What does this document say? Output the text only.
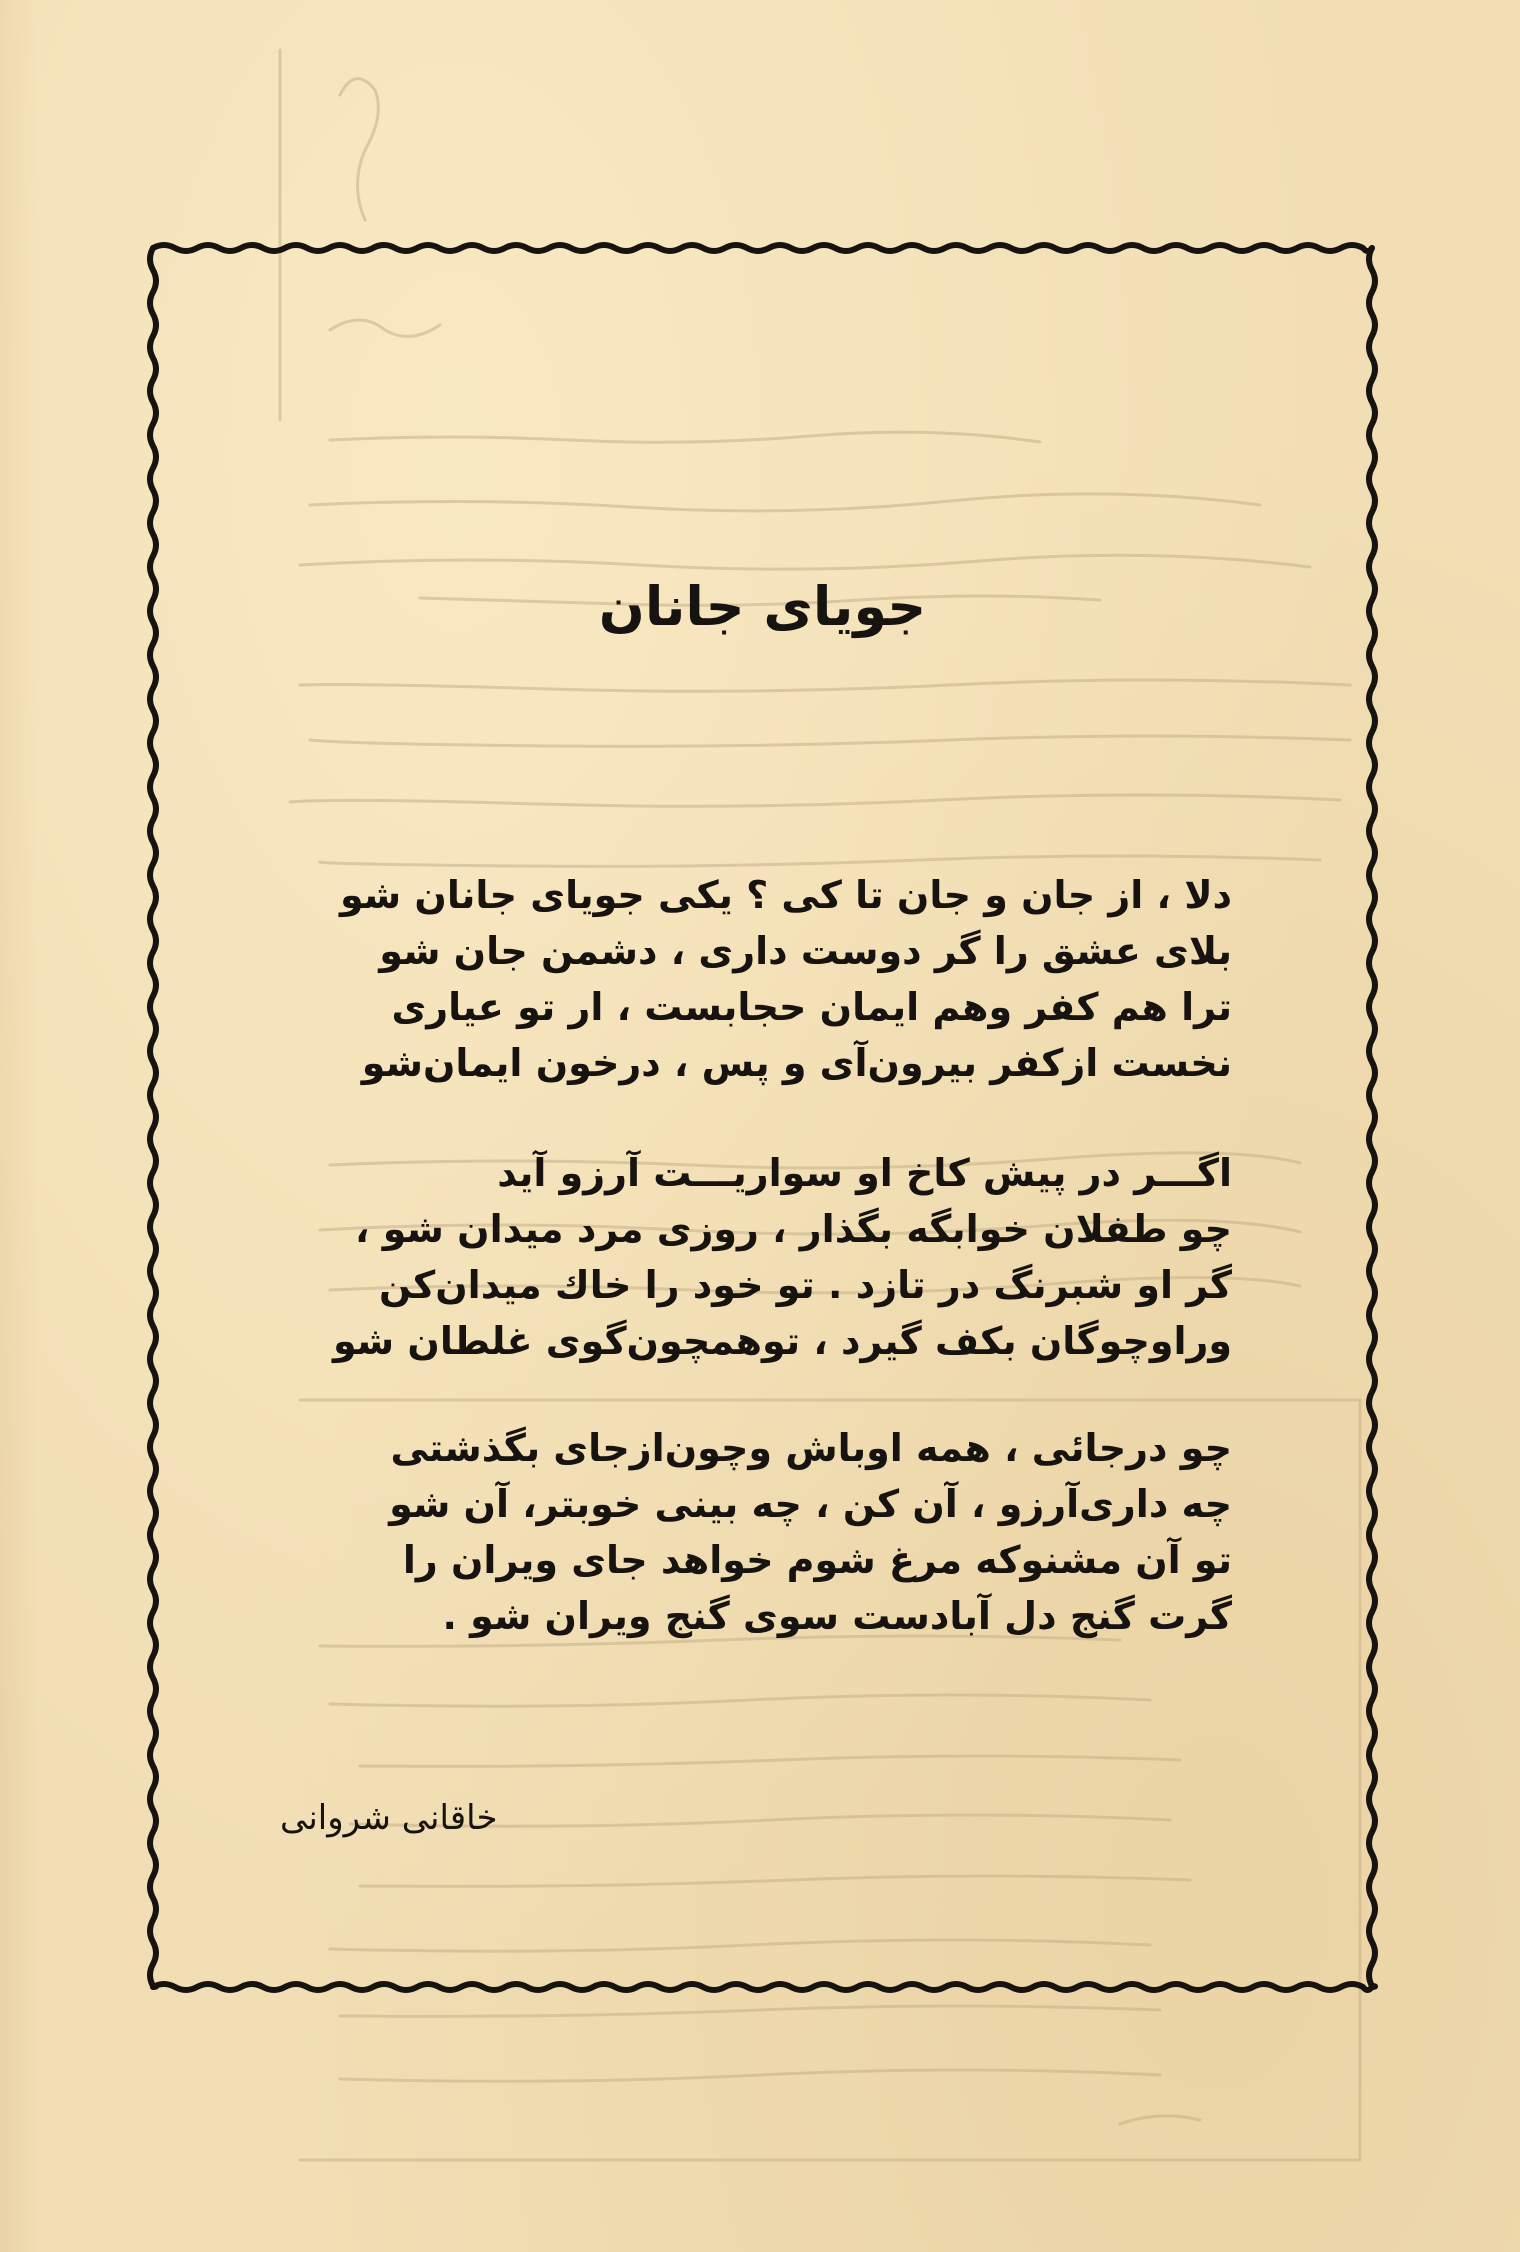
جویای جانان
دلا ، از جان و جان تا کی ؟ یکی جویای جانان شو
بلای عشق را گر دوست داری ، دشمن جان شو
ترا هم کفر وهم ایمان حجابست ، ار تو عیاری
نخست ازکفر بیرون‌آی و پس ، درخون ایمان‌شو
اگـــر در پیش کاخ او سواریـــت آرزو آید
چو طفلان خوابگه بگذار ، روزی مرد میدان شو ،
گر او شبرنگ در تازد . تو خود را خاك میدان‌کن
وراوچوگان بکف گیرد ، توهمچون‌گوی غلطان شو
چو درجائی ، همه اوباش وچون‌ازجای بگذشتی
چه داری‌آرزو ، آن کن ، چه بینی خوبتر، آن شو
تو آن مشنوکه مرغ شوم خواهد جای ویران را
گرت گنج دل آبادست سوی گنج ویران شو .
خاقانی شروانی
